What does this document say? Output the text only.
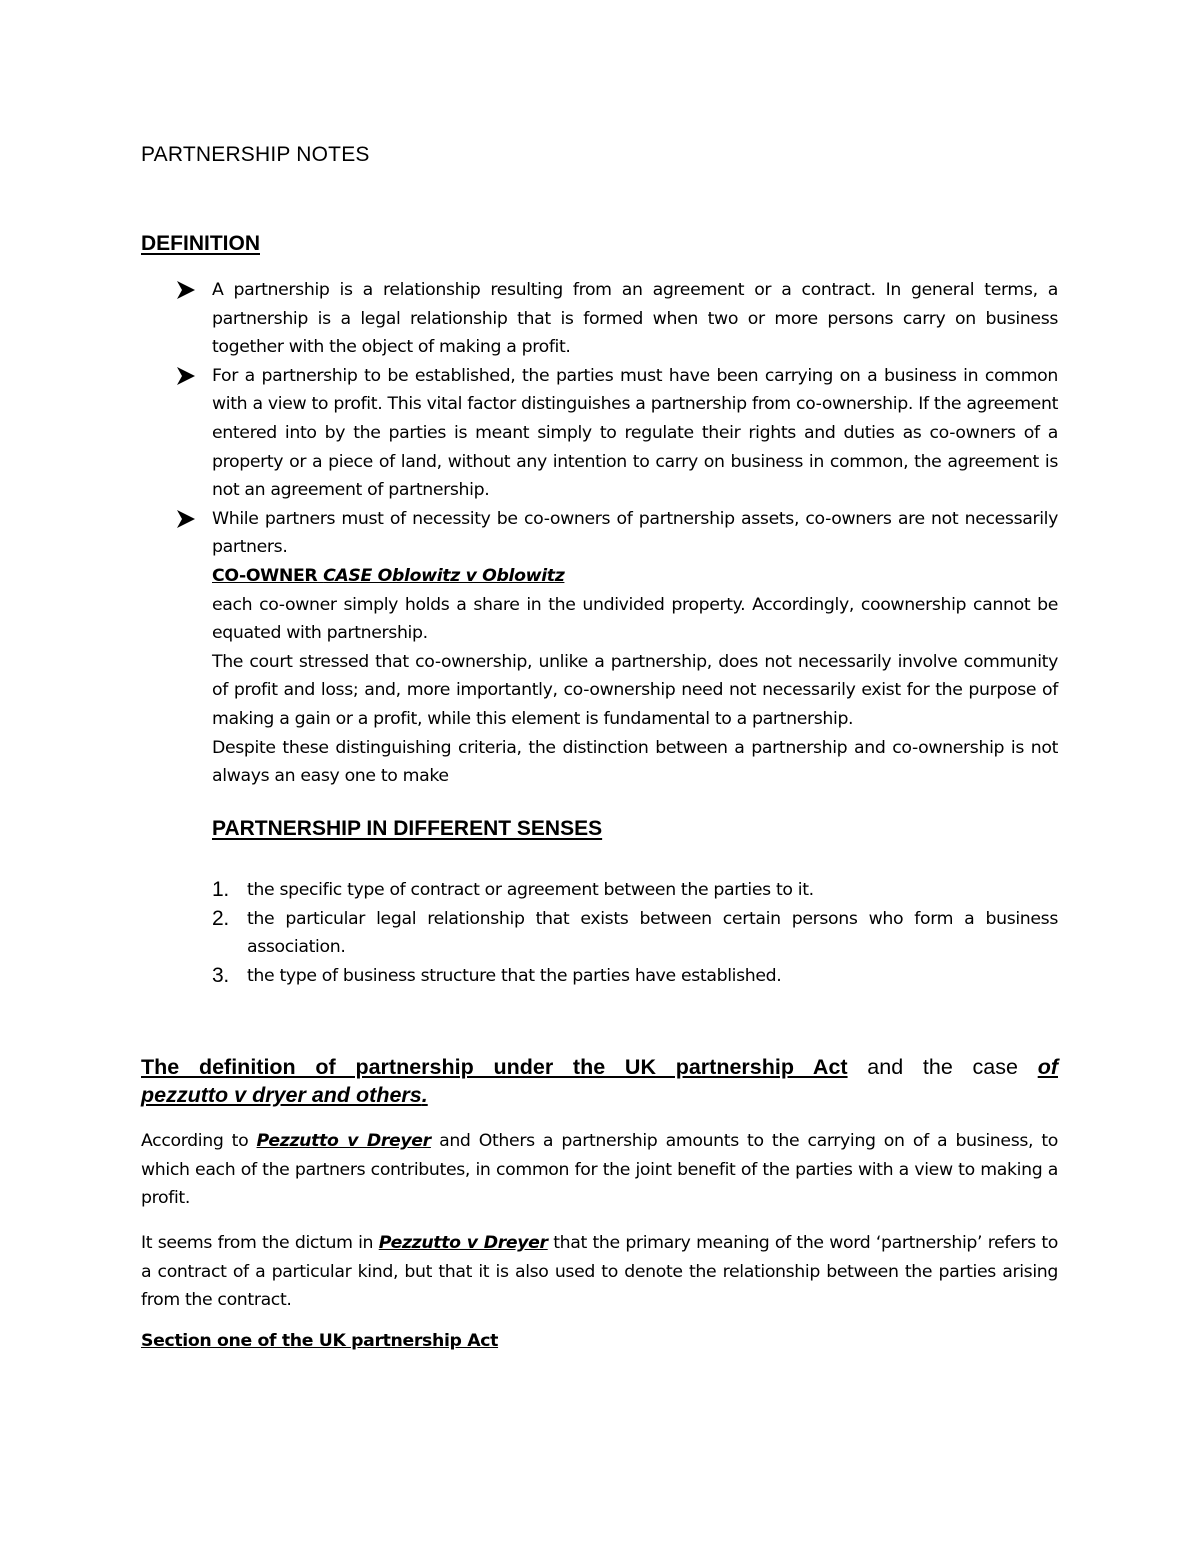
PARTNERSHIP NOTES
DEFINITION
A partnership is a relationship resulting from an agreement or a contract. In general terms, a partnership is a legal relationship that is formed when two or more persons carry on business together with the object of making a profit.
For a partnership to be established, the parties must have been carrying on a business in common with a view to profit. This vital factor distinguishes a partnership from co-ownership. If the agreement entered into by the parties is meant simply to regulate their rights and duties as co-owners of a property or a piece of land, without any intention to carry on business in common, the agreement is not an agreement of partnership.
While partners must of necessity be co-owners of partnership assets, co-owners are not necessarily partners.

CO-OWNER CASE Oblowitz v Oblowitz

each co-owner simply holds a share in the undivided property. Accordingly, coownership cannot be equated with partnership.

The court stressed that co-ownership, unlike a partnership, does not necessarily involve community of profit and loss; and, more importantly, co-ownership need not necessarily exist for the purpose of making a gain or a profit, while this element is fundamental to a partnership.

Despite these distinguishing criteria, the distinction between a partnership and co-ownership is not always an easy one to make

PARTNERSHIP IN DIFFERENT SENSES
1. the specific type of contract or agreement between the parties to it.
2. the particular legal relationship that exists between certain persons who form a business association.
3. the type of business structure that the parties have established.
The definition of partnership under the UK partnership Act and the case of
pezzutto v dryer and others.

According to Pezzutto v Dreyer and Others a partnership amounts to the carrying on of a business, to which each of the partners contributes, in common for the joint benefit of the parties with a view to making a profit.

It seems from the dictum in Pezzutto v Dreyer that the primary meaning of the word ‘partnership’ refers to a contract of a particular kind, but that it is also used to denote the relationship between the parties arising from the contract.

Section one of the UK partnership Act
